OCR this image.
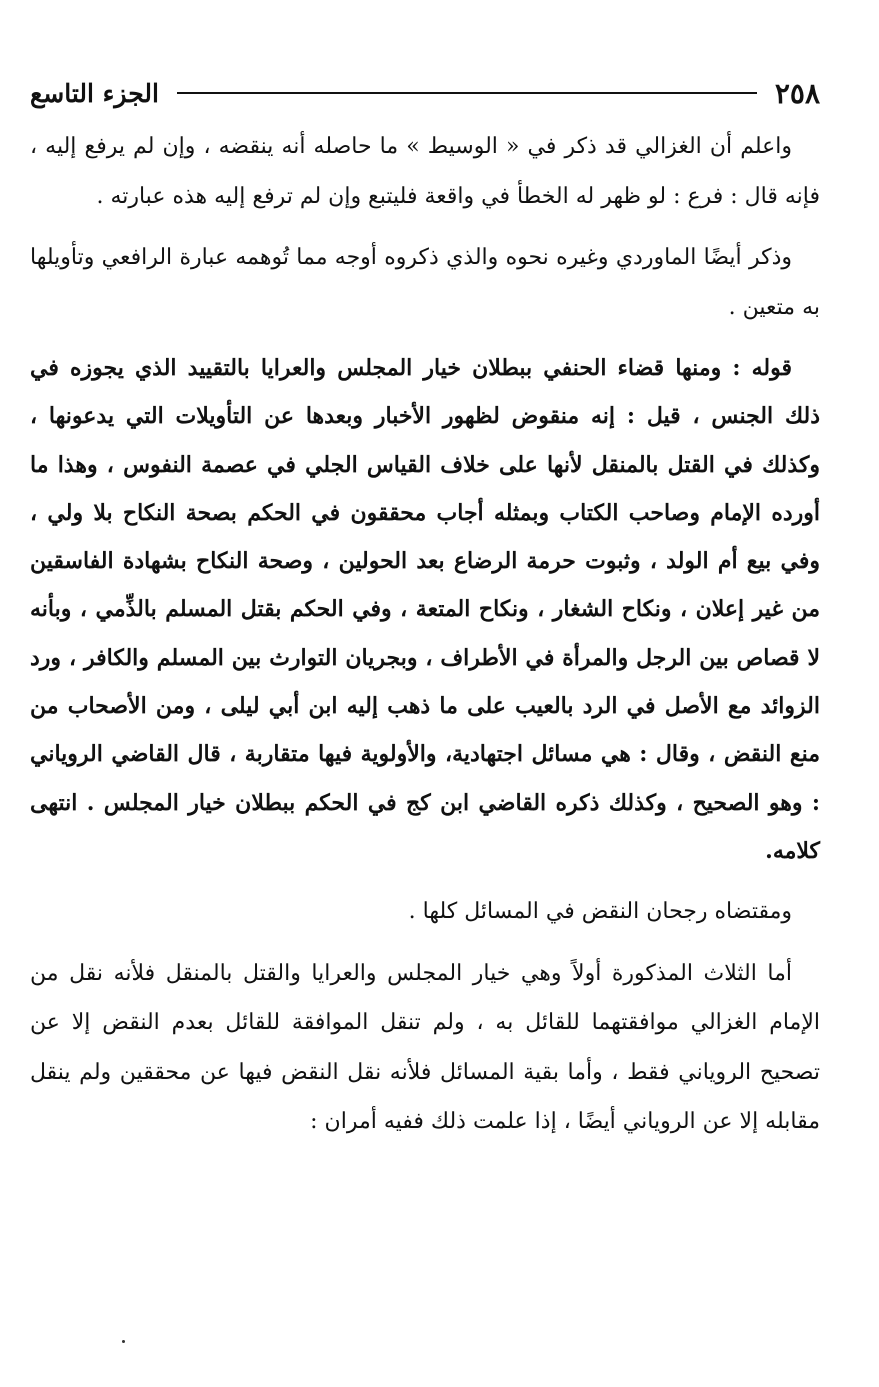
٢٥٨
الجزء التاسع

واعلم أن الغزالي قد ذكر في « الوسيط » ما حاصله أنه ينقضه ، وإن لم يرفع إليه ، فإنه قال : فرع : لو ظهر له الخطأ في واقعة فليتبع وإن لم ترفع إليه هذه عبارته .

وذكر أيضًا الماوردي وغيره نحوه والذي ذكروه أوجه مما تُوهمه عبارة الرافعي وتأويلها به متعين .

قوله : ومنها قضاء الحنفي ببطلان خيار المجلس والعرايا بالتقييد الذي يجوزه في ذلك الجنس ، قيل : إنه منقوض لظهور الأخبار وبعدها عن التأويلات التي يدعونها ، وكذلك في القتل بالمنقل لأنها على خلاف القياس الجلي في عصمة النفوس ، وهذا ما أورده الإمام وصاحب الكتاب وبمثله أجاب محققون في الحكم بصحة النكاح بلا ولي ، وفي بيع أم الولد ، وثبوت حرمة الرضاع بعد الحولين ، وصحة النكاح بشهادة الفاسقين من غير إعلان ، ونكاح الشغار ، ونكاح المتعة ، وفي الحكم بقتل المسلم بالذِّمي ، وبأنه لا قصاص بين الرجل والمرأة في الأطراف ، وبجريان التوارث بين المسلم والكافر ، ورد الزوائد مع الأصل في الرد بالعيب على ما ذهب إليه ابن أبي ليلى ، ومن الأصحاب من منع النقض ، وقال : هي مسائل اجتهادية، والأولوية فيها متقاربة ، قال القاضي الروياني : وهو الصحيح ، وكذلك ذكره القاضي ابن كج في الحكم ببطلان خيار المجلس . انتهى كلامه.

ومقتضاه رجحان النقض في المسائل كلها .

أما الثلاث المذكورة أولاً وهي خيار المجلس والعرايا والقتل بالمنقل فلأنه نقل من الإمام الغزالي موافقتهما للقائل به ، ولم تنقل الموافقة للقائل بعدم النقض إلا عن تصحيح الروياني فقط ، وأما بقية المسائل فلأنه نقل النقض فيها عن محققين ولم ينقل مقابله إلا عن الروياني أيضًا ، إذا علمت ذلك ففيه أمران :
